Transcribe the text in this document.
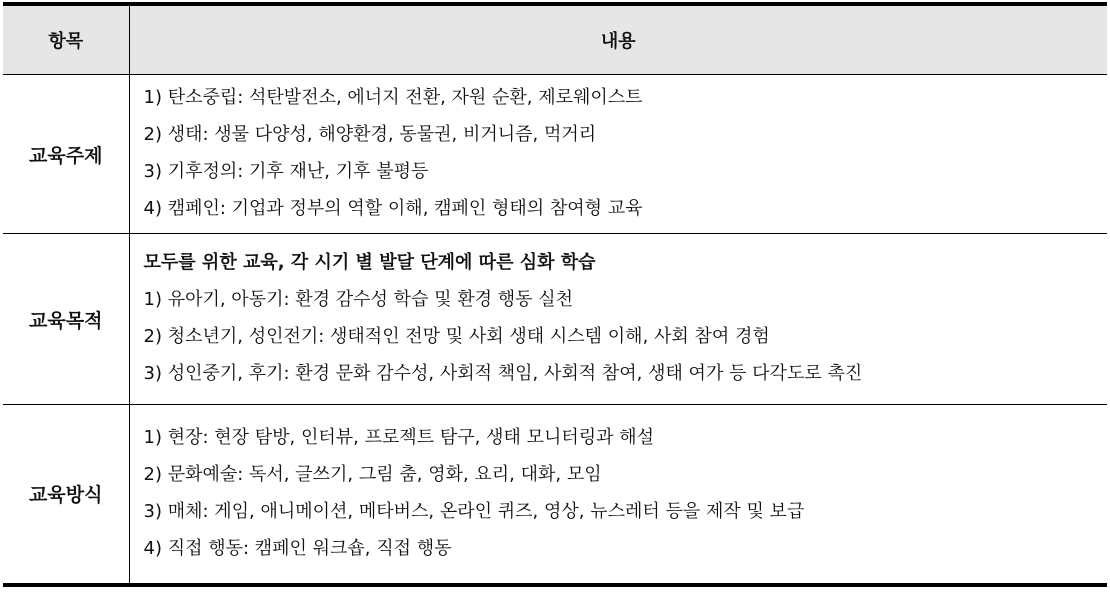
항목	내용
교육주제	1) 탄소중립: 석탄발전소, 에너지 전환, 자원 순환, 제로웨이스트
2) 생태: 생물 다양성, 해양환경, 동물권, 비거니즘, 먹거리
3) 기후정의: 기후 재난, 기후 불평등
4) 캠페인: 기업과 정부의 역할 이해, 캠페인 형태의 참여형 교육

교육목적	모두를 위한 교육, 각 시기 별 발달 단계에 따른 심화 학습
1) 유아기, 아동기: 환경 감수성 학습 및 환경 행동 실천
2) 청소년기, 성인전기: 생태적인 전망 및 사회 생태 시스템 이해, 사회 참여 경험
3) 성인중기, 후기: 환경 문화 감수성, 사회적 책임, 사회적 참여, 생태 여가 등 다각도로 촉진

교육방식	1) 현장: 현장 탐방, 인터뷰, 프로젝트 탐구, 생태 모니터링과 해설
2) 문화예술: 독서, 글쓰기, 그림 춤, 영화, 요리, 대화, 모임
3) 매체: 게임, 애니메이션, 메타버스, 온라인 퀴즈, 영상, 뉴스레터 등을 제작 및 보급
4) 직접 행동: 캠페인 워크숍, 직접 행동
